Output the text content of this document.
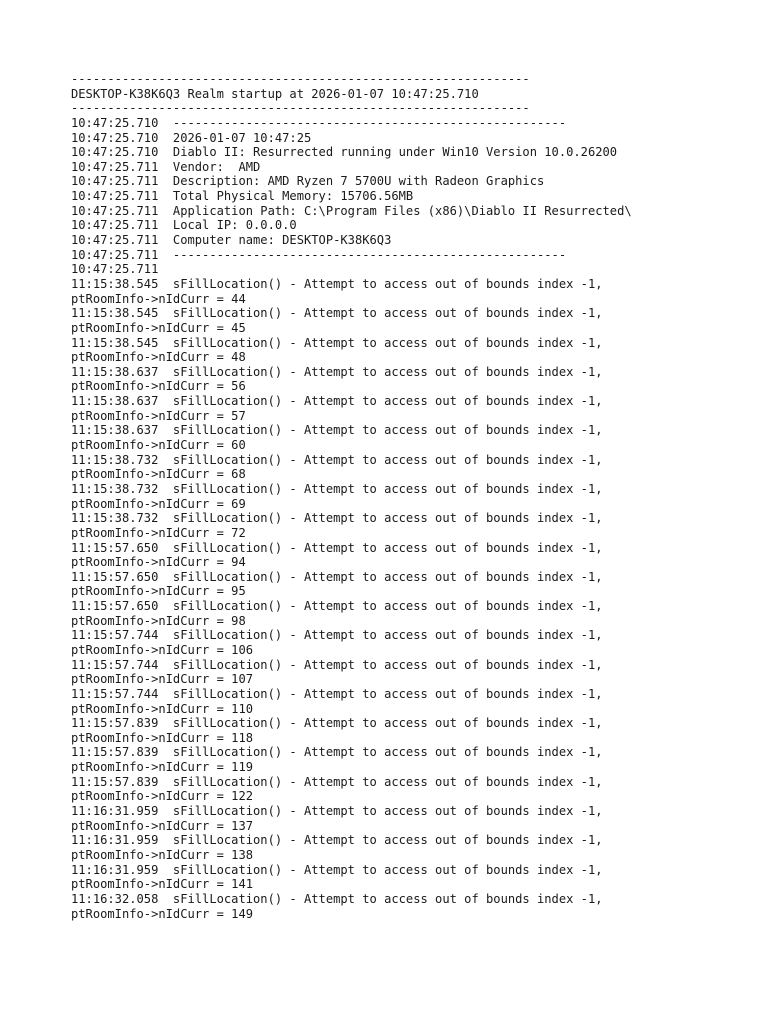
---------------------------------------------------------------
DESKTOP-K38K6Q3 Realm startup at 2026-01-07 10:47:25.710
---------------------------------------------------------------
10:47:25.710  ------------------------------------------------------
10:47:25.710  2026-01-07 10:47:25
10:47:25.710  Diablo II: Resurrected running under Win10 Version 10.0.26200
10:47:25.711  Vendor:  AMD
10:47:25.711  Description: AMD Ryzen 7 5700U with Radeon Graphics
10:47:25.711  Total Physical Memory: 15706.56MB
10:47:25.711  Application Path: C:\Program Files (x86)\Diablo II Resurrected\
10:47:25.711  Local IP: 0.0.0.0
10:47:25.711  Computer name: DESKTOP-K38K6Q3
10:47:25.711  ------------------------------------------------------
10:47:25.711
11:15:38.545  sFillLocation() - Attempt to access out of bounds index -1,
ptRoomInfo->nIdCurr = 44
11:15:38.545  sFillLocation() - Attempt to access out of bounds index -1,
ptRoomInfo->nIdCurr = 45
11:15:38.545  sFillLocation() - Attempt to access out of bounds index -1,
ptRoomInfo->nIdCurr = 48
11:15:38.637  sFillLocation() - Attempt to access out of bounds index -1,
ptRoomInfo->nIdCurr = 56
11:15:38.637  sFillLocation() - Attempt to access out of bounds index -1,
ptRoomInfo->nIdCurr = 57
11:15:38.637  sFillLocation() - Attempt to access out of bounds index -1,
ptRoomInfo->nIdCurr = 60
11:15:38.732  sFillLocation() - Attempt to access out of bounds index -1,
ptRoomInfo->nIdCurr = 68
11:15:38.732  sFillLocation() - Attempt to access out of bounds index -1,
ptRoomInfo->nIdCurr = 69
11:15:38.732  sFillLocation() - Attempt to access out of bounds index -1,
ptRoomInfo->nIdCurr = 72
11:15:57.650  sFillLocation() - Attempt to access out of bounds index -1,
ptRoomInfo->nIdCurr = 94
11:15:57.650  sFillLocation() - Attempt to access out of bounds index -1,
ptRoomInfo->nIdCurr = 95
11:15:57.650  sFillLocation() - Attempt to access out of bounds index -1,
ptRoomInfo->nIdCurr = 98
11:15:57.744  sFillLocation() - Attempt to access out of bounds index -1,
ptRoomInfo->nIdCurr = 106
11:15:57.744  sFillLocation() - Attempt to access out of bounds index -1,
ptRoomInfo->nIdCurr = 107
11:15:57.744  sFillLocation() - Attempt to access out of bounds index -1,
ptRoomInfo->nIdCurr = 110
11:15:57.839  sFillLocation() - Attempt to access out of bounds index -1,
ptRoomInfo->nIdCurr = 118
11:15:57.839  sFillLocation() - Attempt to access out of bounds index -1,
ptRoomInfo->nIdCurr = 119
11:15:57.839  sFillLocation() - Attempt to access out of bounds index -1,
ptRoomInfo->nIdCurr = 122
11:16:31.959  sFillLocation() - Attempt to access out of bounds index -1,
ptRoomInfo->nIdCurr = 137
11:16:31.959  sFillLocation() - Attempt to access out of bounds index -1,
ptRoomInfo->nIdCurr = 138
11:16:31.959  sFillLocation() - Attempt to access out of bounds index -1,
ptRoomInfo->nIdCurr = 141
11:16:32.058  sFillLocation() - Attempt to access out of bounds index -1,
ptRoomInfo->nIdCurr = 149
